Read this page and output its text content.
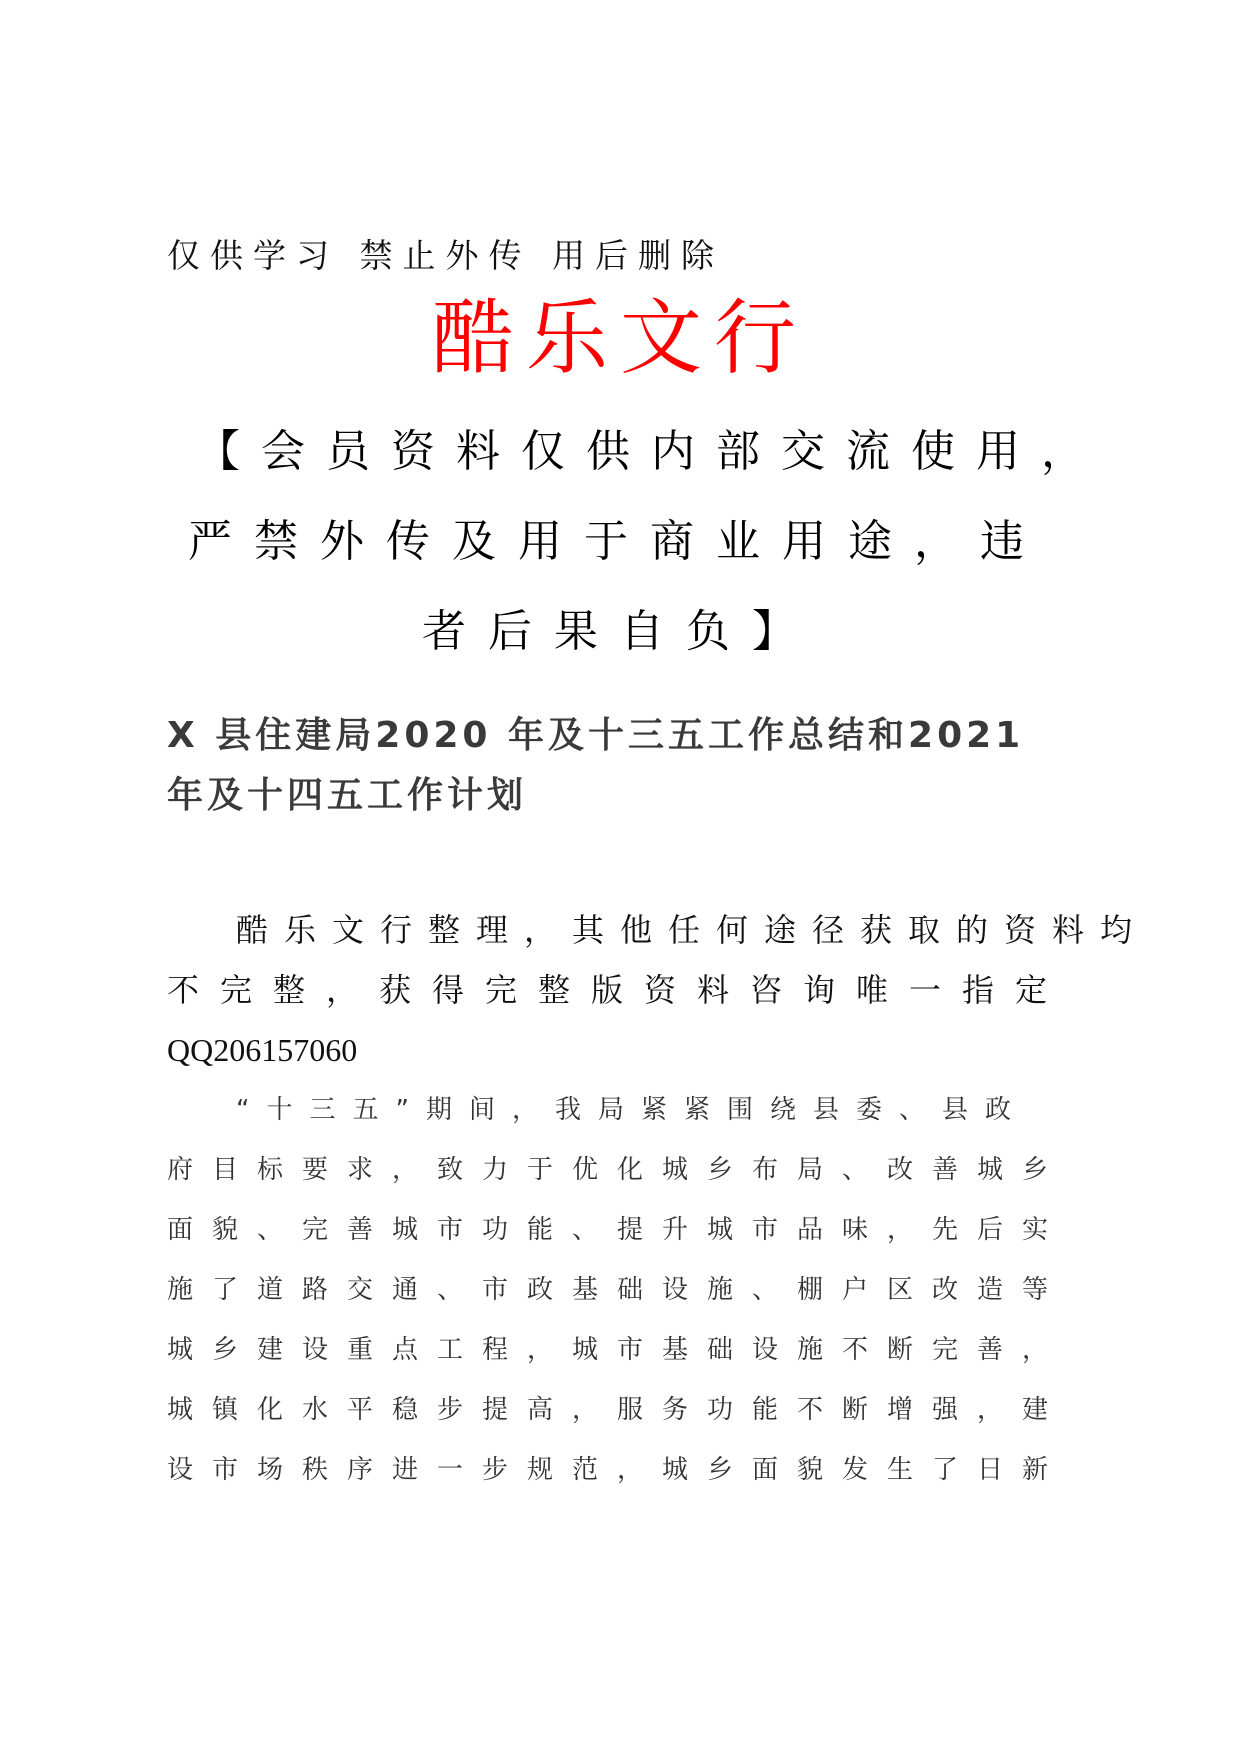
仅供学习 禁止外传 用后删除
酷乐文行
【会员资料仅供内部交流使用，
严禁外传及用于商业用途，违
者后果自负】
X 县住建局2020 年及十三五工作总结和2021
年及十四五工作计划
酷乐文行整理，其他任何途径获取的资料均
不完整，获得完整版资料咨询唯一指定
QQ206157060
“十三五”期间，我局紧紧围绕县委、县政
府目标要求，致力于优化城乡布局、改善城乡
面貌、完善城市功能、提升城市品味，先后实
施了道路交通、市政基础设施、棚户区改造等
城乡建设重点工程，城市基础设施不断完善，
城镇化水平稳步提高，服务功能不断增强，建
设市场秩序进一步规范，城乡面貌发生了日新
